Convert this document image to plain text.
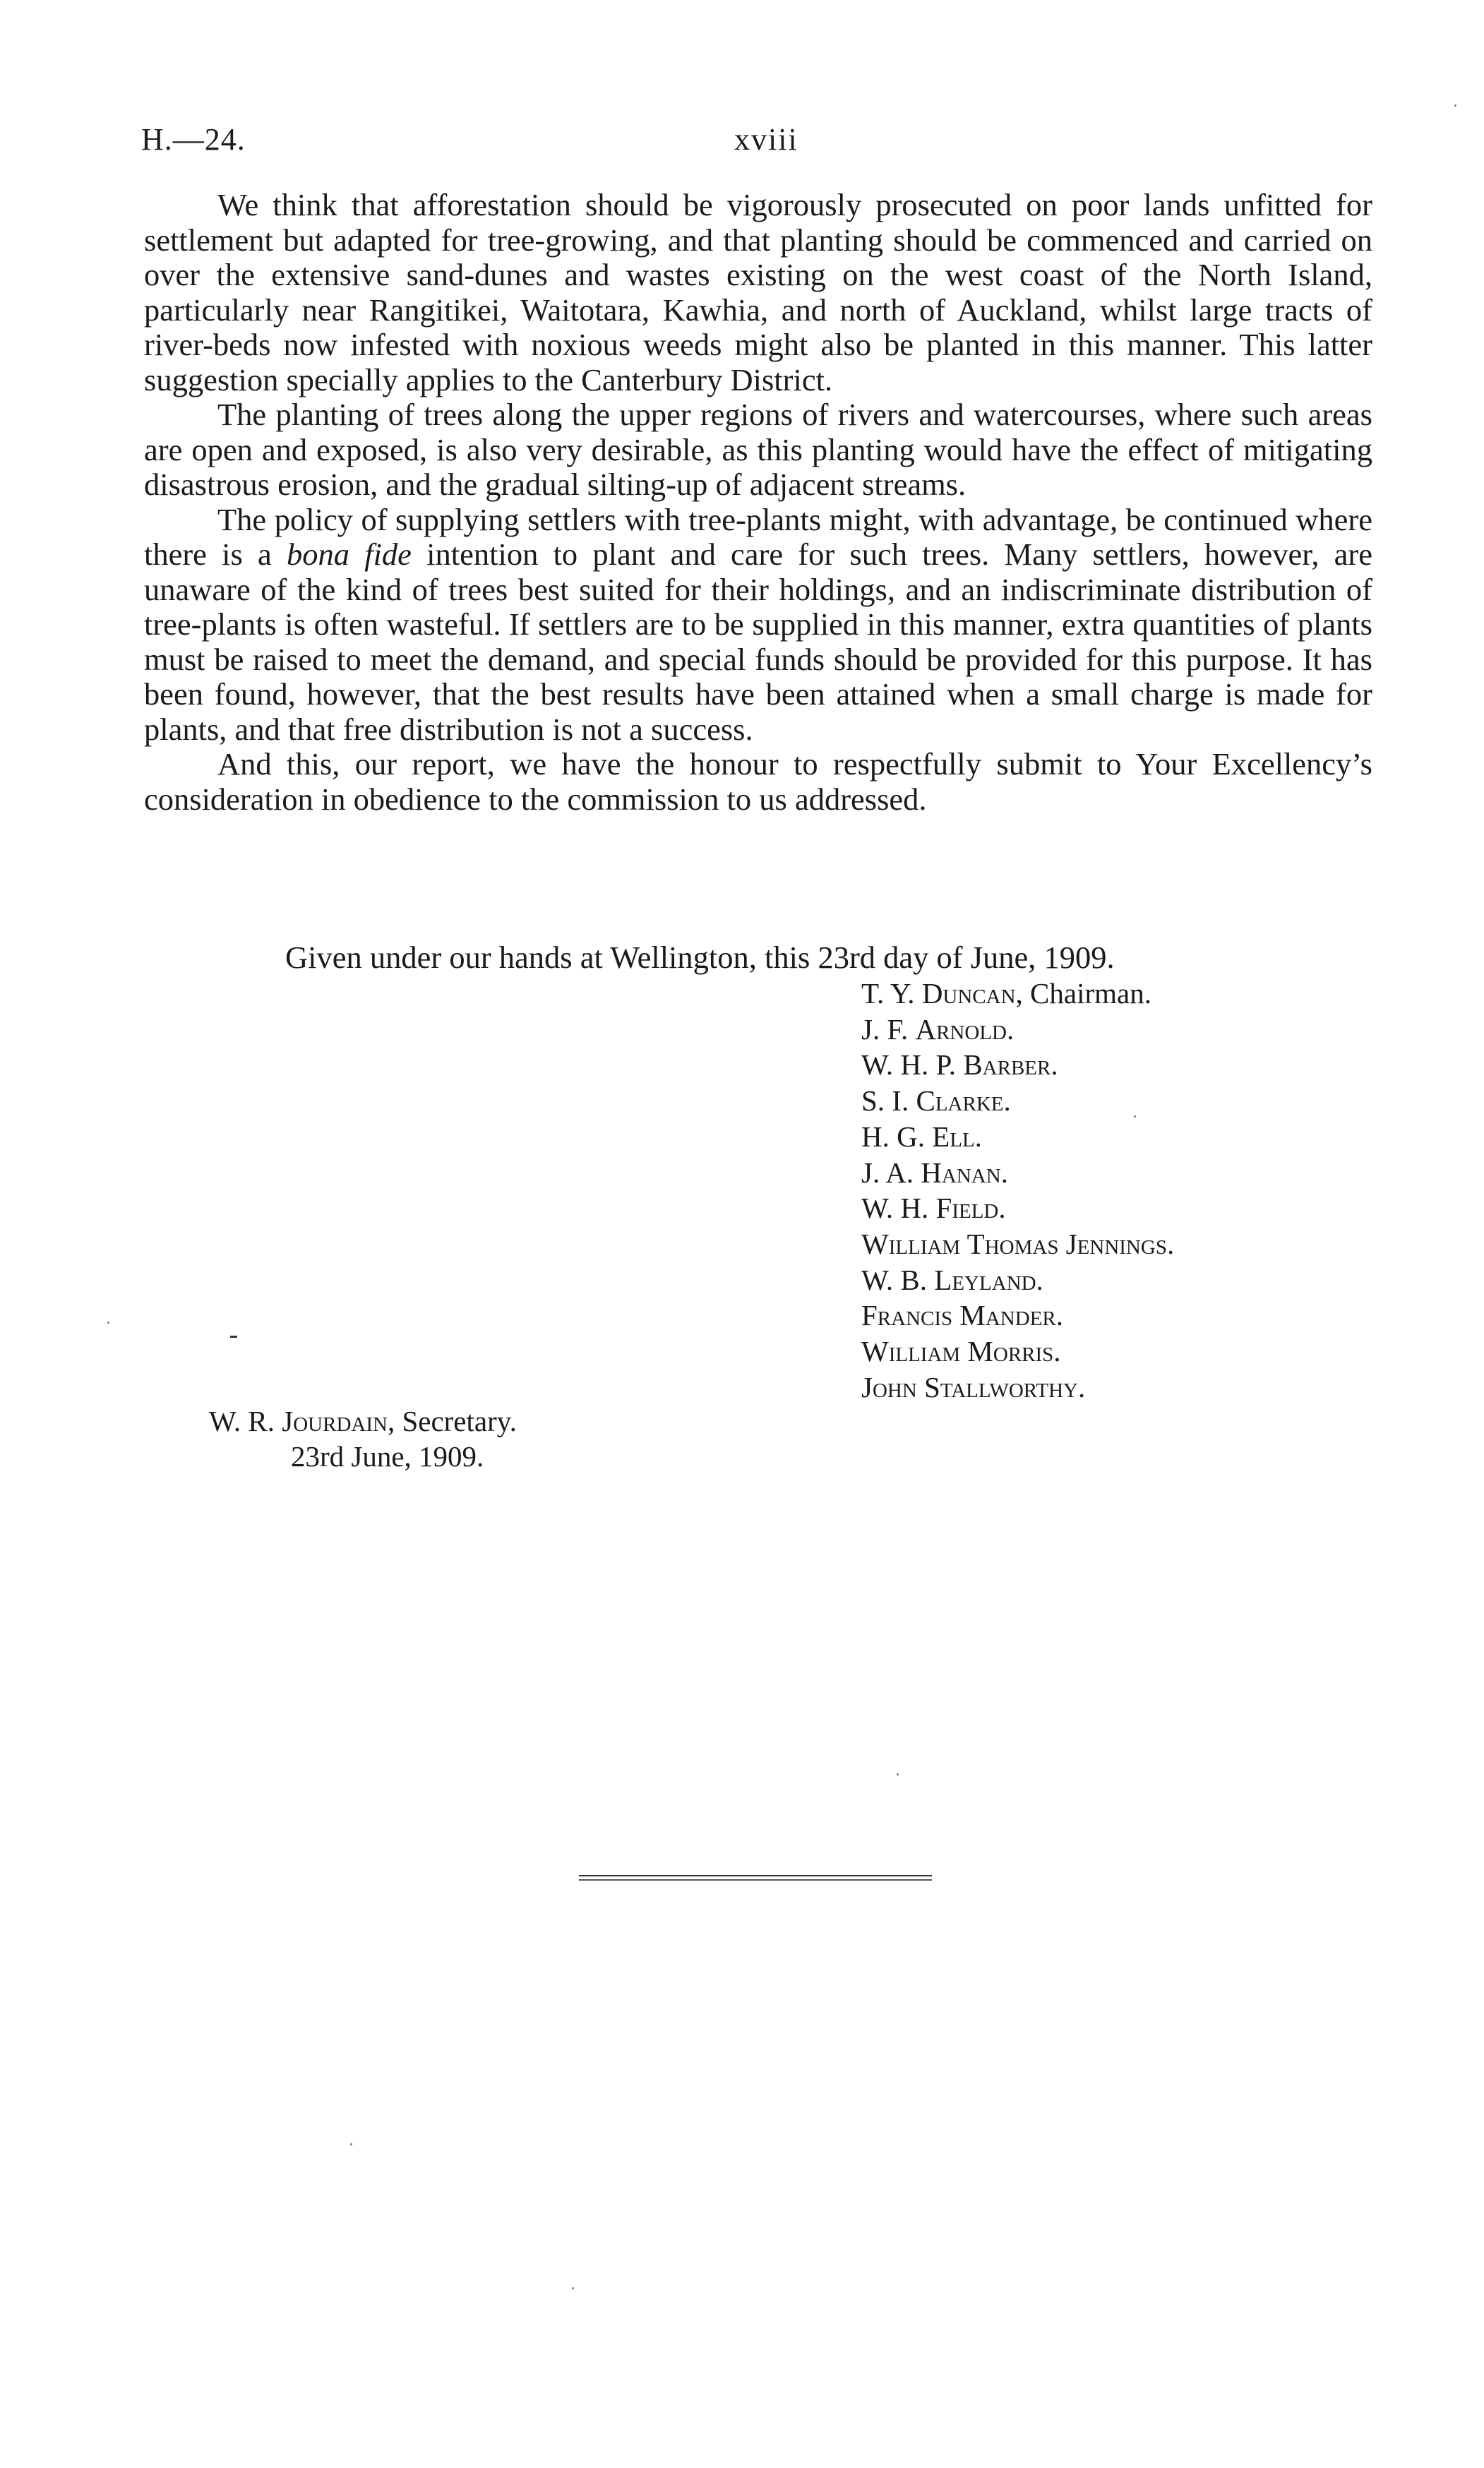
H.—24.	xviii

We think that afforestation should be vigorously prosecuted on poor lands unfitted for settlement but adapted for tree-growing, and that planting should be commenced and carried on over the extensive sand-dunes and wastes existing on the west coast of the North Island, particularly near Rangitikei, Waitotara, Kawhia, and north of Auckland, whilst large tracts of river-beds now infested with noxious weeds might also be planted in this manner. This latter suggestion specially applies to the Canterbury District.

The planting of trees along the upper regions of rivers and watercourses, where such areas are open and exposed, is also very desirable, as this planting would have the effect of mitigating disastrous erosion, and the gradual silting-up of adjacent streams.

The policy of supplying settlers with tree-plants might, with advantage, be continued where there is a bona fide intention to plant and care for such trees. Many settlers, however, are unaware of the kind of trees best suited for their holdings, and an indiscriminate distribution of tree-plants is often wasteful. If settlers are to be supplied in this manner, extra quantities of plants must be raised to meet the demand, and special funds should be provided for this purpose. It has been found, however, that the best results have been attained when a small charge is made for plants, and that free distribution is not a success.

And this, our report, we have the honour to respectfully submit to Your Excellency’s consideration in obedience to the commission to us addressed.

Given under our hands at Wellington, this 23rd day of June, 1909.
T. Y. Duncan, Chairman.
J. F. Arnold.
W. H. P. Barber.
S. I. Clarke.
H. G. Ell.
J. A. Hanan.
W. H. Field.
William Thomas Jennings.
W. B. Leyland.
Francis Mander.
William Morris.
John Stallworthy.
W. R. Jourdain, Secretary.
23rd June, 1909.
